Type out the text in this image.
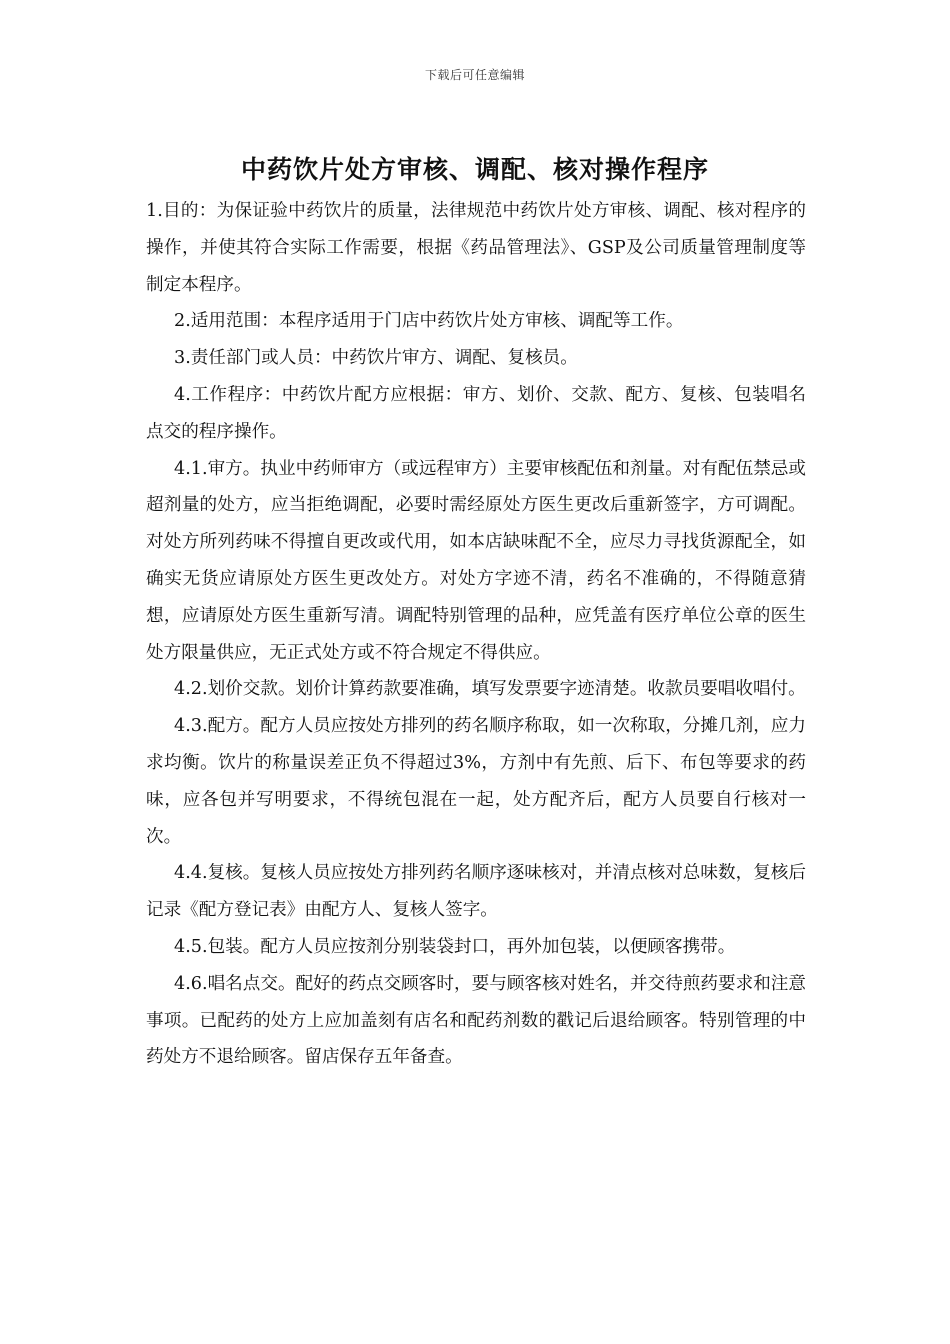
下载后可任意编辑
中药饮片处方审核、调配、核对操作程序

1.目的：为保证验中药饮片的质量，法律规范中药饮片处方审核、调配、核对程序的操作，并使其符合实际工作需要，根据《药品管理法》、GSP及公司质量管理制度等制定本程序。

2.适用范围：本程序适用于门店中药饮片处方审核、调配等工作。

3.责任部门或人员：中药饮片审方、调配、复核员。

4.工作程序：中药饮片配方应根据：审方、划价、交款、配方、复核、包装唱名点交的程序操作。

4.1.审方。执业中药师审方（或远程审方）主要审核配伍和剂量。对有配伍禁忌或超剂量的处方，应当拒绝调配，必要时需经原处方医生更改后重新签字，方可调配。对处方所列药味不得擅自更改或代用，如本店缺味配不全，应尽力寻找货源配全，如确实无货应请原处方医生更改处方。对处方字迹不清，药名不准确的，不得随意猜想，应请原处方医生重新写清。调配特别管理的品种，应凭盖有医疗单位公章的医生处方限量供应，无正式处方或不符合规定不得供应。

4.2.划价交款。划价计算药款要准确，填写发票要字迹清楚。收款员要唱收唱付。

4.3.配方。配方人员应按处方排列的药名顺序称取，如一次称取，分摊几剂，应力求均衡。饮片的称量误差正负不得超过3%，方剂中有先煎、后下、布包等要求的药味，应各包并写明要求，不得统包混在一起，处方配齐后，配方人员要自行核对一次。

4.4.复核。复核人员应按处方排列药名顺序逐味核对，并清点核对总味数，复核后记录《配方登记表》由配方人、复核人签字。

4.5.包装。配方人员应按剂分别装袋封口，再外加包装，以便顾客携带。

4.6.唱名点交。配好的药点交顾客时，要与顾客核对姓名，并交待煎药要求和注意事项。已配药的处方上应加盖刻有店名和配药剂数的戳记后退给顾客。特别管理的中药处方不退给顾客。留店保存五年备查。
